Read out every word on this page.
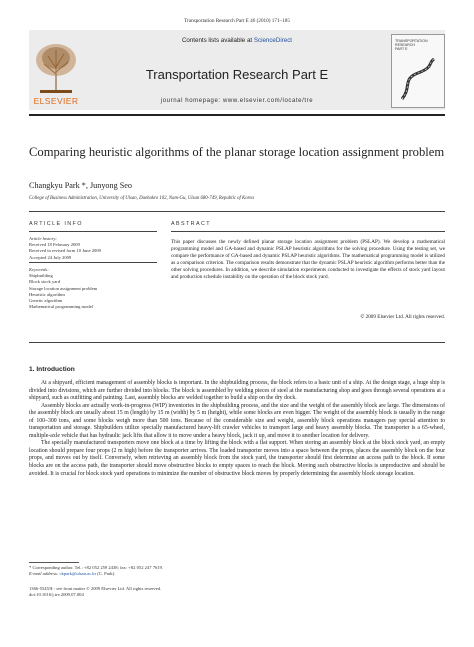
Transportation Research Part E 46 (2010) 171–185
ELSEVIER
Contents lists available at ScienceDirect
Transportation Research Part E
journal homepage: www.elsevier.com/locate/tre
TRANSPORTATION
RESEARCH
PART E
Comparing heuristic algorithms of the planar storage location assignment problem
Changkyu Park *, Junyong Seo
College of Business Administration, University of Ulsan, Daehakro 102, Nam-Gu, Ulsan 680-749, Republic of Korea
ARTICLE INFO	ABSTRACT
Article history:
Received 18 February 2009
Received in revised form 10 June 2009
Accepted 24 July 2009
Keywords:
Shipbuilding
Block stock yard
Storage location assignment problem
Heuristic algorithm
Genetic algorithm
Mathematical programming model
This paper discusses the newly defined planar storage location assignment problem (PSLAP). We develop a mathematical programming model and GA-based and dynamic PSLAP heuristic algorithms for the solving procedure. Using the testing set, we compare the performance of GA-based and dynamic PSLAP heuristic algorithms. The mathematical programming model is utilized as a comparison criterion. The comparison results demonstrate that the dynamic PSLAP heuristic algorithm performs better than the other solving procedures. In addition, we describe simulation experiments conducted to investigate the effects of stock yard layout and production schedule instability on the operation of the block stock yard.
© 2009 Elsevier Ltd. All rights reserved.
1. Introduction

At a shipyard, efficient management of assembly blocks is important. In the shipbuilding process, the block refers to a basic unit of a ship. At the design stage, a huge ship is divided into divisions, which are further divided into blocks. The block is assembled by welding pieces of steel at the manufacturing shop and goes through several operations at a shipyard, such as outfitting and painting. Last, assembly blocks are welded together to build a ship on the dry dock.

Assembly blocks are actually work-in-progress (WIP) inventories in the shipbuilding process, and the size and the weight of the assembly block are large. The dimensions of the assembly block are usually about 15 m (length) by 15 m (width) by 5 m (height), while some blocks are even bigger. The weight of the assembly block is usually in the range of 100–300 tons, and some blocks weigh more than 500 tons. Because of the considerable size and weight, assembly block operations managers pay special attention to transportation and storage. Shipbuilders utilize specially manufactured heavy-lift crawler vehicles to transport large and heavy assembly blocks. The transporter is a 65-wheel, multiple-axle vehicle that has hydraulic jack lifts that allow it to move under a heavy block, jack it up, and move it to another location for delivery.

The specially manufactured transporters move one block at a time by lifting the block with a flat support. When storing an assembly block at the block stock yard, an empty location should prepare four props (2 m high) before the transporter arrives. The loaded transporter moves into a space between the props, places the assembly block on the four props, and moves out by itself. Conversely, when retrieving an assembly block from the stock yard, the transporter should first determine an access path to the block. If some blocks are on the access path, the transporter should move obstructive blocks to empty spaces to reach the block. Moving such obstructive blocks is unproductive and should be avoided. It is crucial for block stock yard operations to minimize the number of obstructive block moves by properly determining the assembly block storage location.

* Corresponding author. Tel.: +82 052 259 2438; fax: +82 052 247 7619.
E-mail address: ckpark@ulsan.ac.kr (C. Park).
1366-5545/$ - see front matter © 2009 Elsevier Ltd. All rights reserved.
doi:10.1016/j.tre.2009.07.004
